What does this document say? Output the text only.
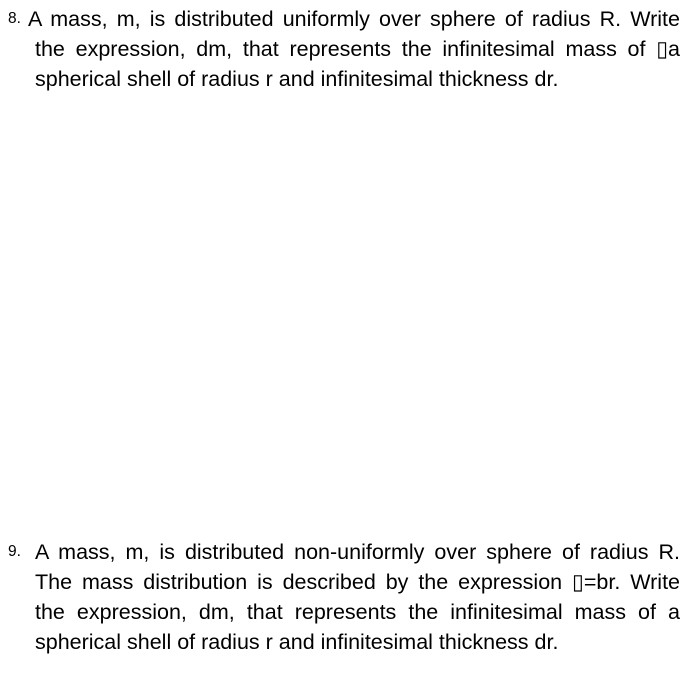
8. A mass, m, is distributed uniformly over sphere of radius R. Write the expression, dm, that represents the infinitesimal mass of ▯a spherical shell of radius r and infinitesimal thickness dr.
9. A mass, m, is distributed non-uniformly over sphere of radius R. The mass distribution is described by the expression ▯=br. Write the expression, dm, that represents the infinitesimal mass of a spherical shell of radius r and infinitesimal thickness dr.
